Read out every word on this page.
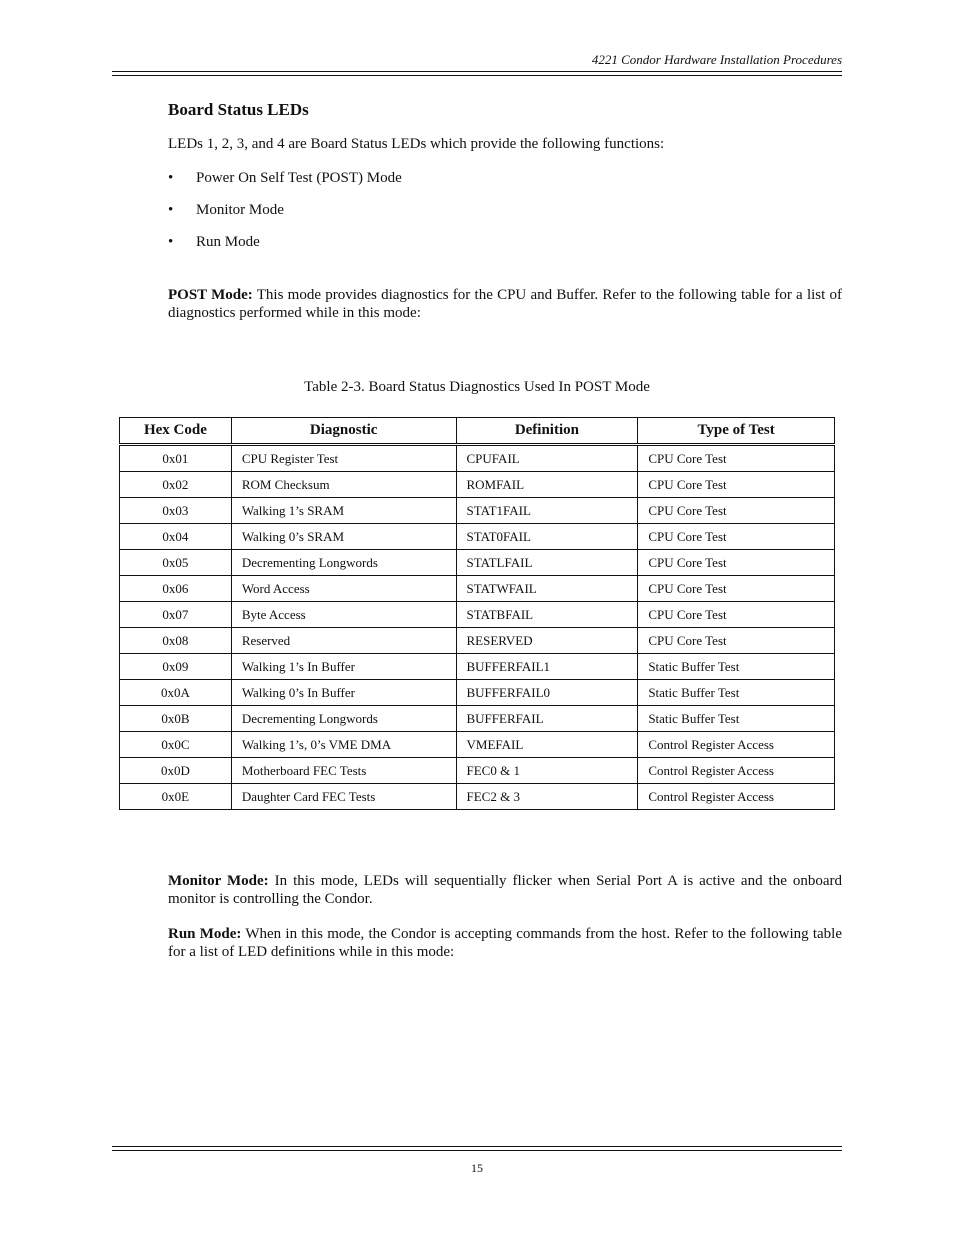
4221 Condor Hardware Installation Procedures
Board Status LEDs

LEDs 1, 2, 3, and 4 are Board Status LEDs which provide the following functions:

• Power On Self Test (POST) Mode
• Monitor Mode
• Run Mode

POST Mode: This mode provides diagnostics for the CPU and Buffer. Refer to the following table for a list of diagnostics performed while in this mode:

Monitor Mode: In this mode, LEDs will sequentially flicker when Serial Port A is active and the onboard monitor is controlling the Condor.

Run Mode: When in this mode, the Condor is accepting commands from the host. Refer to the following table for a list of LED definitions while in this mode:

Table 2-3. Board Status Diagnostics Used In POST Mode
Hex Code	Diagnostic	Definition	Type of Test
0x01	CPU Register Test	CPUFAIL	CPU Core Test
0x02	ROM Checksum	ROMFAIL	CPU Core Test
0x03	Walking 1’s SRAM	STAT1FAIL	CPU Core Test
0x04	Walking 0’s SRAM	STAT0FAIL	CPU Core Test
0x05	Decrementing Longwords	STATLFAIL	CPU Core Test
0x06	Word Access	STATWFAIL	CPU Core Test
0x07	Byte Access	STATBFAIL	CPU Core Test
0x08	Reserved	RESERVED	CPU Core Test
0x09	Walking 1’s In Buffer	BUFFERFAIL1	Static Buffer Test
0x0A	Walking 0’s In Buffer	BUFFERFAIL0	Static Buffer Test
0x0B	Decrementing Longwords	BUFFERFAIL	Static Buffer Test
0x0C	Walking 1’s, 0’s VME DMA	VMEFAIL	Control Register Access
0x0D	Motherboard FEC Tests	FEC0 & 1	Control Register Access
0x0E	Daughter Card FEC Tests	FEC2 & 3	Control Register Access
15
